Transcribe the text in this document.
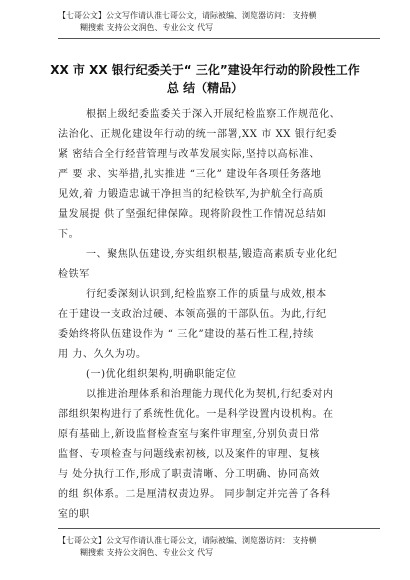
【七哥公文】公文写作请认准七哥公文，请际被编、浏览器访问： 支持横
糊搜索 支持公文润色、专业公文 代写
XX 市 XX 银行纪委关于“ 三化”建设年行动的阶段性工作
总 结（精品）
根据上级纪委监委关于深入开展纪检监察工作规范化、
法治化、正规化建设年行动的统一部署,XX 市 XX 银行纪委
紧 密结合全行经营管理与改革发展实际,坚持以高标准、
严 要 求、实举措,扎实推进 “三化” 建设年各项任务落地
见效,着 力锻造忠诚干净担当的纪检铁军,为护航全行高质
量发展提 供了坚强纪律保障。现将阶段性工作情况总结如
下。
一、聚焦队伍建设,夯实组织根基,锻造高素质专业化纪
检铁军
行纪委深刻认识到,纪检监察工作的质量与成效,根本
在于建设一支政治过硬、本领高强的干部队伍。为此,行纪
委始终将队伍建设作为 “ 三化”建设的基石性工程,持续
用 力、久久为功。
(一)优化组织架构,明确职能定位
以推进治理体系和治理能力现代化为契机,行纪委对内
部组织架构进行了系统性优化。一是科学设置内设机构。在
原有基础上,新设监督检查室与案件审理室,分别负责日常
监督、专项检查与问题线索初核, 以及案件的审理、复核
与 处分执行工作,形成了职责清晰、分工明确、协同高效
的组 织体系。二是厘清权责边界。 同步制定并完善了各科
室的职
【七哥公文】公文写作请认准七哥公文，请际被编、浏览器访问： 支持横
糊搜索 支持公文润色、专业公文 代写
